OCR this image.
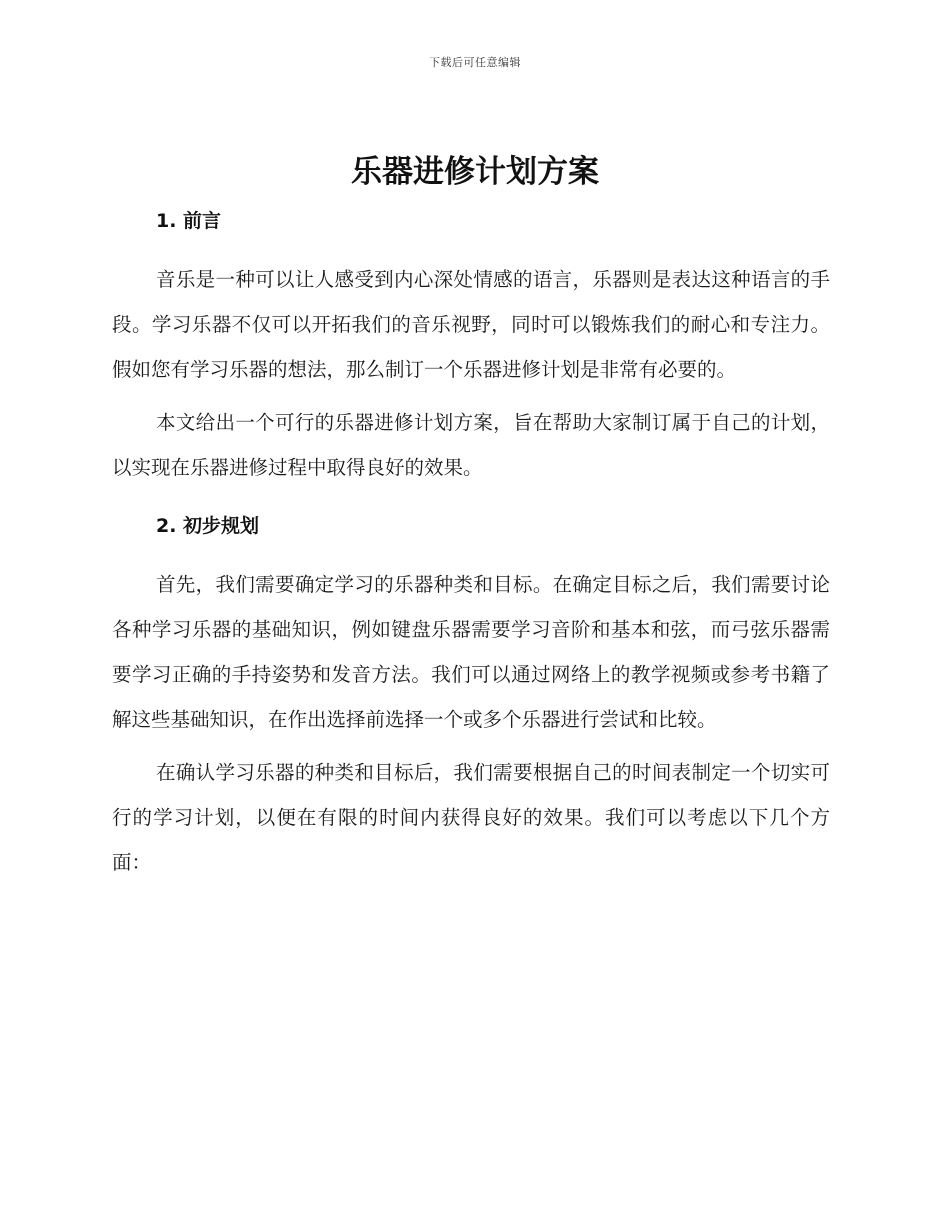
下载后可任意编辑
乐器进修计划方案
1. 前言

音乐是一种可以让人感受到内心深处情感的语言，乐器则是表达这种语言的手段。学习乐器不仅可以开拓我们的音乐视野，同时可以锻炼我们的耐心和专注力。假如您有学习乐器的想法，那么制订一个乐器进修计划是非常有必要的。

本文给出一个可行的乐器进修计划方案，旨在帮助大家制订属于自己的计划，以实现在乐器进修过程中取得良好的效果。

2. 初步规划

首先，我们需要确定学习的乐器种类和目标。在确定目标之后，我们需要讨论各种学习乐器的基础知识，例如键盘乐器需要学习音阶和基本和弦，而弓弦乐器需要学习正确的手持姿势和发音方法。我们可以通过网络上的教学视频或参考书籍了解这些基础知识，在作出选择前选择一个或多个乐器进行尝试和比较。

在确认学习乐器的种类和目标后，我们需要根据自己的时间表制定一个切实可行的学习计划，以便在有限的时间内获得良好的效果。我们可以考虑以下几个方面：
